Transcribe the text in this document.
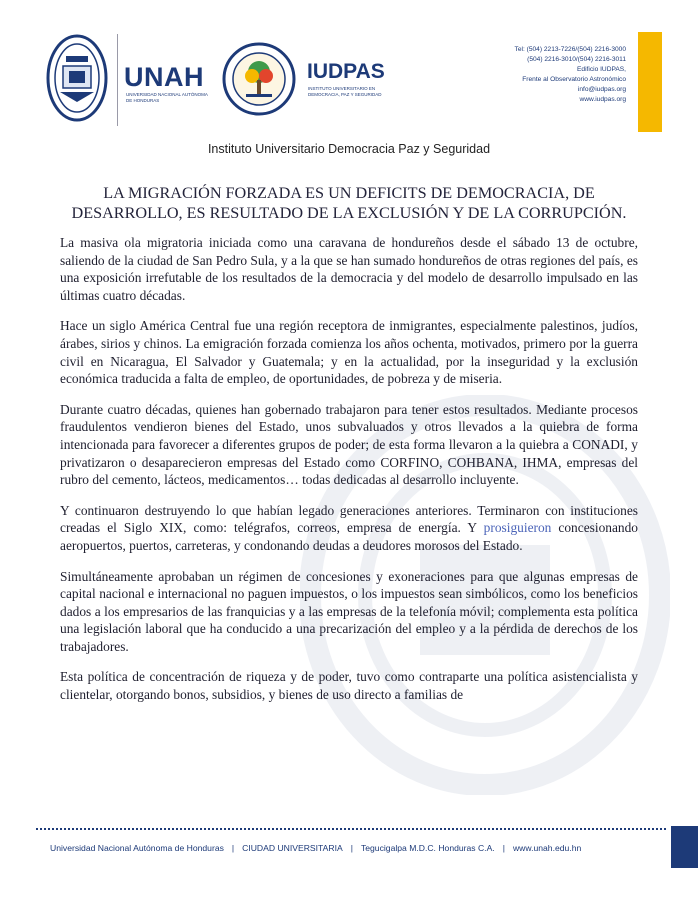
UNAH
UNIVERSIDAD NACIONAL AUTÓNOMA DE HONDURAS
IUDPAS
INSTITUTO UNIVERSITARIO EN DEMOCRACIA, PAZ Y SEGURIDAD
Tel: (504) 2213-7226/(504) 2216-3000
(504) 2216-3010/(504) 2216-3011
Edificio IUDPAS,
Frente al Observatorio Astronómico
info@iudpas.org
www.iudpas.org
Instituto Universitario Democracia Paz y Seguridad
LA MIGRACIÓN FORZADA ES UN DEFICITS DE DEMOCRACIA, DE DESARROLLO, ES RESULTADO DE LA EXCLUSIÓN Y DE LA CORRUPCIÓN.

La masiva ola migratoria iniciada como una caravana de hondureños desde el sábado 13 de octubre, saliendo de la ciudad de San Pedro Sula, y a la que se han sumado hondureños de otras regiones del país, es una exposición irrefutable de los resultados de la democracia y del modelo de desarrollo impulsado en las últimas cuatro décadas.

Hace un siglo América Central fue una región receptora de inmigrantes, especialmente palestinos, judíos, árabes, sirios y chinos. La emigración forzada comienza los años ochenta, motivados, primero por la guerra civil en Nicaragua, El Salvador y Guatemala; y en la actualidad, por la inseguridad y la exclusión económica traducida a falta de empleo, de oportunidades, de pobreza y de miseria.

Durante cuatro décadas, quienes han gobernado trabajaron para tener estos resultados. Mediante procesos fraudulentos vendieron bienes del Estado, unos subvaluados y otros llevados a la quiebra de forma intencionada para favorecer a diferentes grupos de poder; de esta forma llevaron a la quiebra a CONADI, y privatizaron o desaparecieron empresas del Estado como CORFINO, COHBANA, IHMA, empresas del rubro del cemento, lácteos, medicamentos… todas dedicadas al desarrollo incluyente.

Y continuaron destruyendo lo que habían legado generaciones anteriores. Terminaron con instituciones creadas el Siglo XIX, como: telégrafos, correos, empresa de energía. Y prosiguieron concesionando aeropuertos, puertos, carreteras, y condonando deudas a deudores morosos del Estado.

Simultáneamente aprobaban un régimen de concesiones y exoneraciones para que algunas empresas de capital nacional e internacional no paguen impuestos, o los impuestos sean simbólicos, como los beneficios dados a los empresarios de las franquicias y a las empresas de la telefonía móvil; complementa esta política una legislación laboral que ha conducido a una precarización del empleo y a la pérdida de derechos de los trabajadores.

Esta política de concentración de riqueza y de poder, tuvo como contraparte una política asistencialista y clientelar, otorgando bonos, subsidios, y bienes de uso directo a familias de

Universidad Nacional Autónoma de Honduras | CIUDAD UNIVERSITARIA | Tegucigalpa M.D.C. Honduras C.A. | www.unah.edu.hn
